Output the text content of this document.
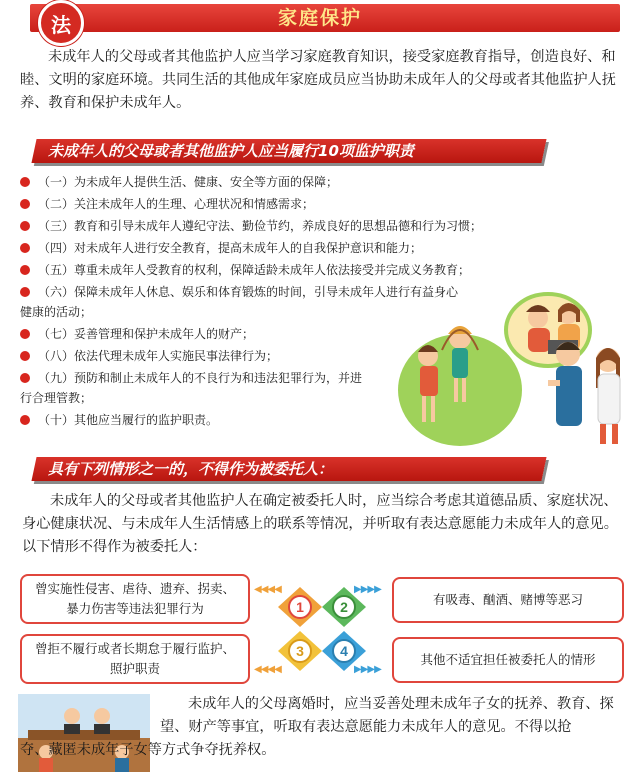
家庭保护
法
未成年人的父母或者其他监护人应当学习家庭教育知识，接受家庭教育指导，创造良好、和睦、文明的家庭环境。共同生活的其他成年家庭成员应当协助未成年人的父母或者其他监护人抚养、教育和保护未成年人。
未成年人的父母或者其他监护人应当履行10项监护职责
（一）为未成年人提供生活、健康、安全等方面的保障；
（二）关注未成年人的生理、心理状况和情感需求；
（三）教育和引导未成年人遵纪守法、勤俭节约，养成良好的思想品德和行为习惯；
（四）对未成年人进行安全教育，提高未成年人的自我保护意识和能力；
（五）尊重未成年人受教育的权利，保障适龄未成年人依法接受并完成义务教育；
（六）保障未成年人休息、娱乐和体育锻炼的时间，引导未成年人进行有益身心
健康的活动；
（七）妥善管理和保护未成年人的财产；
（八）依法代理未成年人实施民事法律行为；
（九）预防和制止未成年人的不良行为和违法犯罪行为，并进
行合理管教；
（十）其他应当履行的监护职责。
具有下列情形之一的，不得作为被委托人：
未成年人的父母或者其他监护人在确定被委托人时，应当综合考虑其道德品质、家庭状况、身心健康状况、与未成年人生活情感上的联系等情况，并听取有表达意愿能力未成年人的意见。以下情形不得作为被委托人：
曾实施性侵害、虐待、遗弃、拐卖、暴力伤害等违法犯罪行为
有吸毒、酗酒、赌博等恶习
曾拒不履行或者长期怠于履行监护、照护职责
其他不适宜担任被委托人的情形
◀◀◀◀	▶▶▶▶
◀◀◀◀	▶▶▶▶
1	2
3	4
未成年人的父母离婚时，应当妥善处理未成年子女的抚养、教育、探望、财产等事宜，听取有表达意愿能力未成年人的意见。不得以抢
夺、藏匿未成年子女等方式争夺抚养权。
